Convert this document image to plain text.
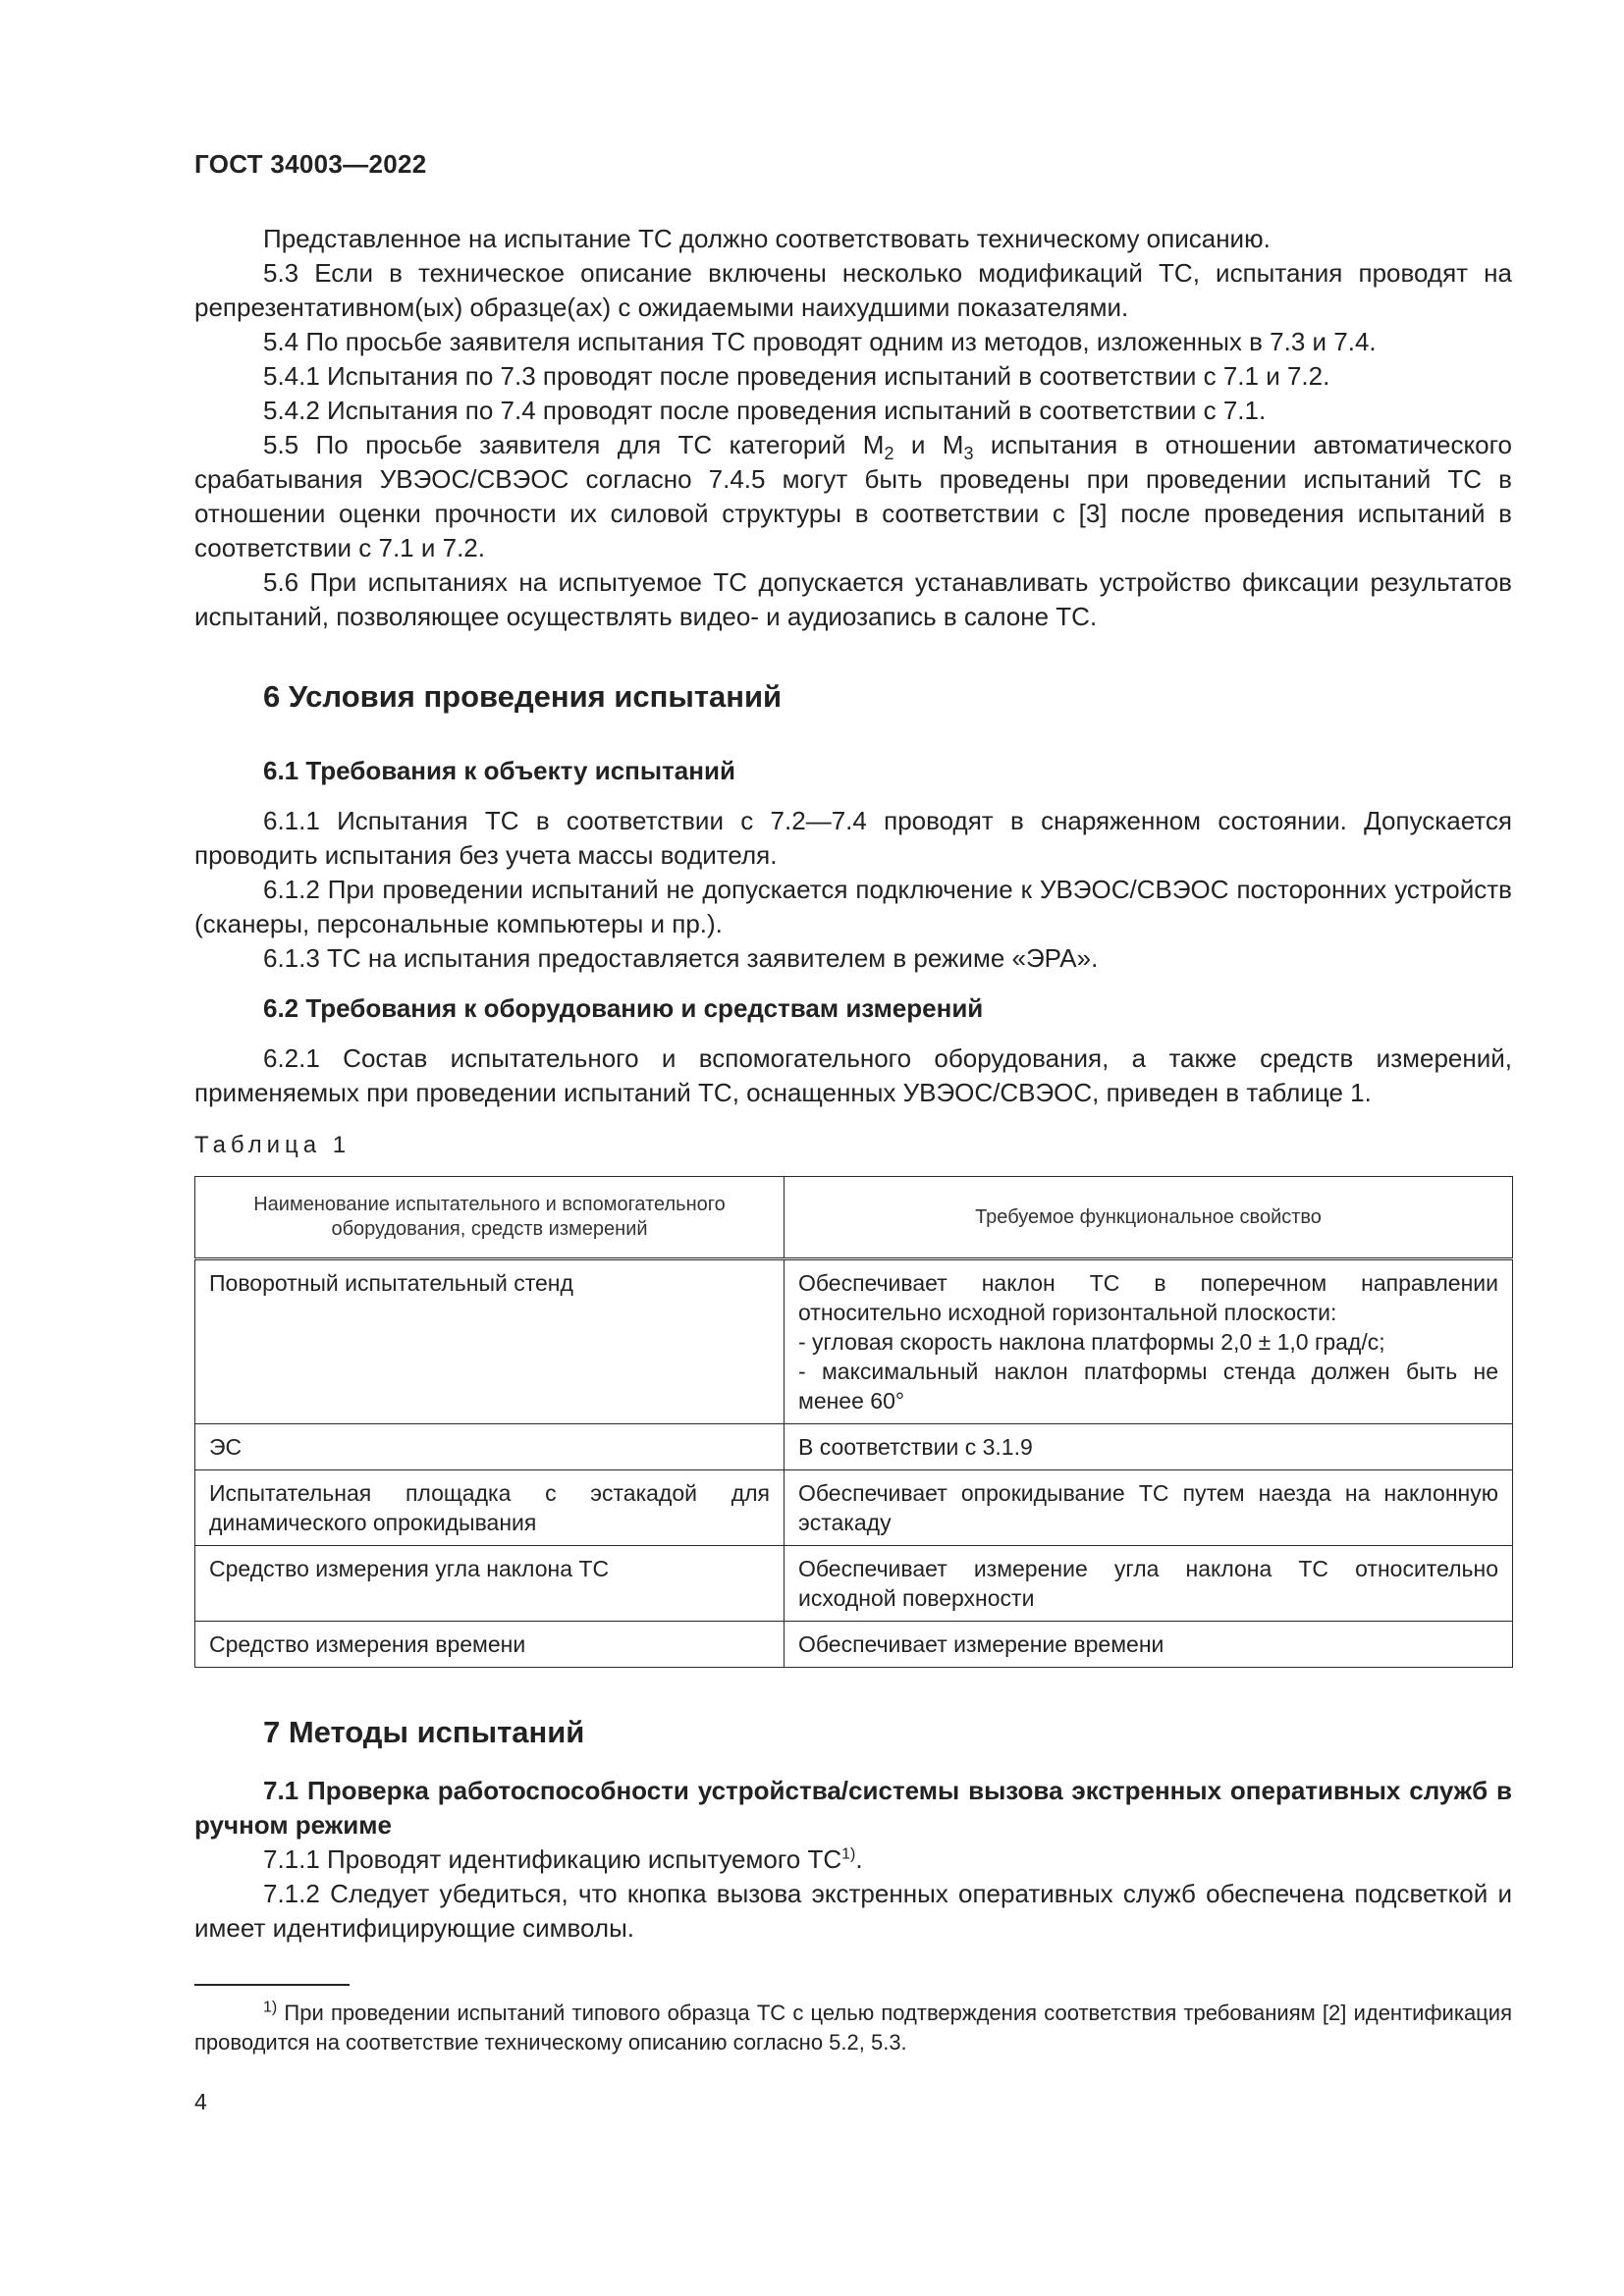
ГОСТ 34003—2022

Представленное на испытание ТС должно соответствовать техническому описанию.

5.3 Если в техническое описание включены несколько модификаций ТС, испытания проводят на репрезентативном(ых) образце(ах) с ожидаемыми наихудшими показателями.

5.4 По просьбе заявителя испытания ТС проводят одним из методов, изложенных в 7.3 и 7.4.

5.4.1 Испытания по 7.3 проводят после проведения испытаний в соответствии с 7.1 и 7.2.

5.4.2 Испытания по 7.4 проводят после проведения испытаний в соответствии с 7.1.

5.5 По просьбе заявителя для ТС категорий $M_2$ и $M_3$ испытания в отношении автоматического срабатывания УВЭОС/СВЭОС согласно 7.4.5 могут быть проведены при проведении испытаний ТС в отношении оценки прочности их силовой структуры в соответствии с [3] после проведения испытаний в соответствии с 7.1 и 7.2.

5.6 При испытаниях на испытуемое ТС допускается устанавливать устройство фиксации результатов испытаний, позволяющее осуществлять видео- и аудиозапись в салоне ТС.

6 Условия проведения испытаний
6.1 Требования к объекту испытаний

6.1.1 Испытания ТС в соответствии с 7.2—7.4 проводят в снаряженном состоянии. Допускается проводить испытания без учета массы водителя.

6.1.2 При проведении испытаний не допускается подключение к УВЭОС/СВЭОС посторонних устройств (сканеры, персональные компьютеры и пр.).

6.1.3 ТС на испытания предоставляется заявителем в режиме «ЭРА».

6.2 Требования к оборудованию и средствам измерений

6.2.1 Состав испытательного и вспомогательного оборудования, а также средств измерений, применяемых при проведении испытаний ТС, оснащенных УВЭОС/СВЭОС, приведен в таблице 1.

Таблица 1
Наименование испытательного и вспомогательного оборудования, средств измерений	Требуемое функциональное свойство
Поворотный испытательный стенд	Обеспечивает наклон ТС в поперечном направлении относительно исходной горизонтальной плоскости:
- угловая скорость наклона платформы 2,0 ± 1,0 град/с;
- максимальный наклон платформы стенда должен быть не менее 60°

ЭС	В соответствии с 3.1.9
Испытательная площадка с эстакадой для динамического опрокидывания	Обеспечивает опрокидывание ТС путем наезда на наклонную эстакаду
Средство измерения угла наклона ТС	Обеспечивает измерение угла наклона ТС относительно исходной поверхности
Средство измерения времени	Обеспечивает измерение времени
7 Методы испытаний
7.1 Проверка работоспособности устройства/системы вызова экстренных оперативных служб в ручном режиме

7.1.1 Проводят идентификацию испытуемого ТС$^{1)}$.

7.1.2 Следует убедиться, что кнопка вызова экстренных оперативных служб обеспечена подсветкой и имеет идентифицирующие символы.

$^{1)}$ При проведении испытаний типового образца ТС с целью подтверждения соответствия требованиям [2] идентификация проводится на соответствие техническому описанию согласно 5.2, 5.3.

4
